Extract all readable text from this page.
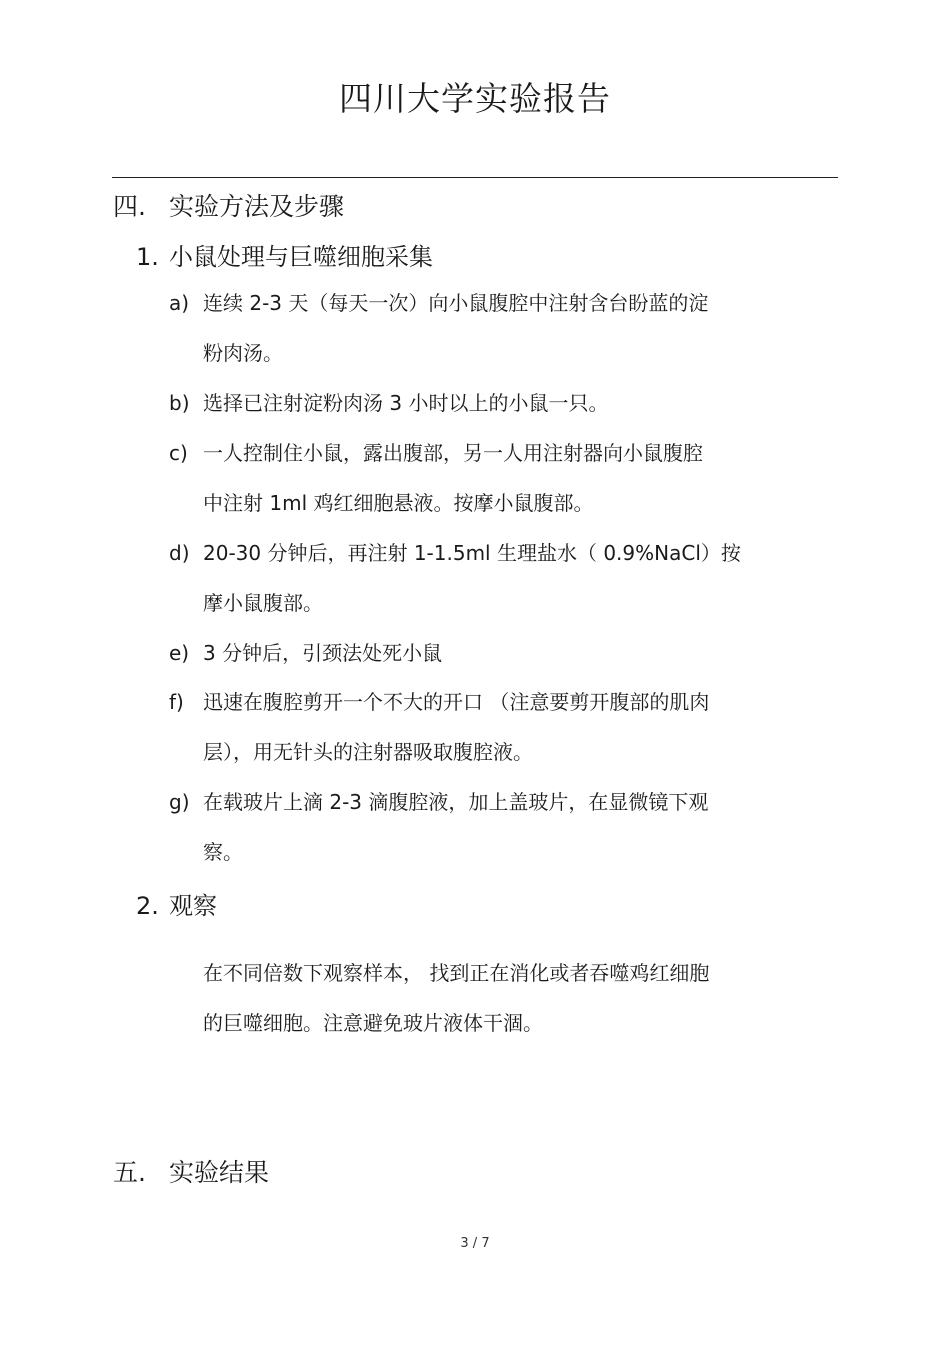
四川大学实验报告
四. 实验方法及步骤
1. 小鼠处理与巨噬细胞采集
a) 连续 2-3 天（每天一次）向小鼠腹腔中注射含台盼蓝的淀
粉肉汤。
b) 选择已注射淀粉肉汤 3 小时以上的小鼠一只。
c) 一人控制住小鼠，露出腹部，另一人用注射器向小鼠腹腔
中注射 1ml 鸡红细胞悬液。按摩小鼠腹部。
d) 20-30 分钟后，再注射 1-1.5ml 生理盐水（ 0.9%NaCl）按
摩小鼠腹部。
e) 3 分钟后，引颈法处死小鼠
f) 迅速在腹腔剪开一个不大的开口 （注意要剪开腹部的肌肉
层），用无针头的注射器吸取腹腔液。
g) 在载玻片上滴 2-3 滴腹腔液，加上盖玻片，在显微镜下观
察。
2. 观察
在不同倍数下观察样本， 找到正在消化或者吞噬鸡红细胞
的巨噬细胞。注意避免玻片液体干涸。
五. 实验结果
3 / 7
